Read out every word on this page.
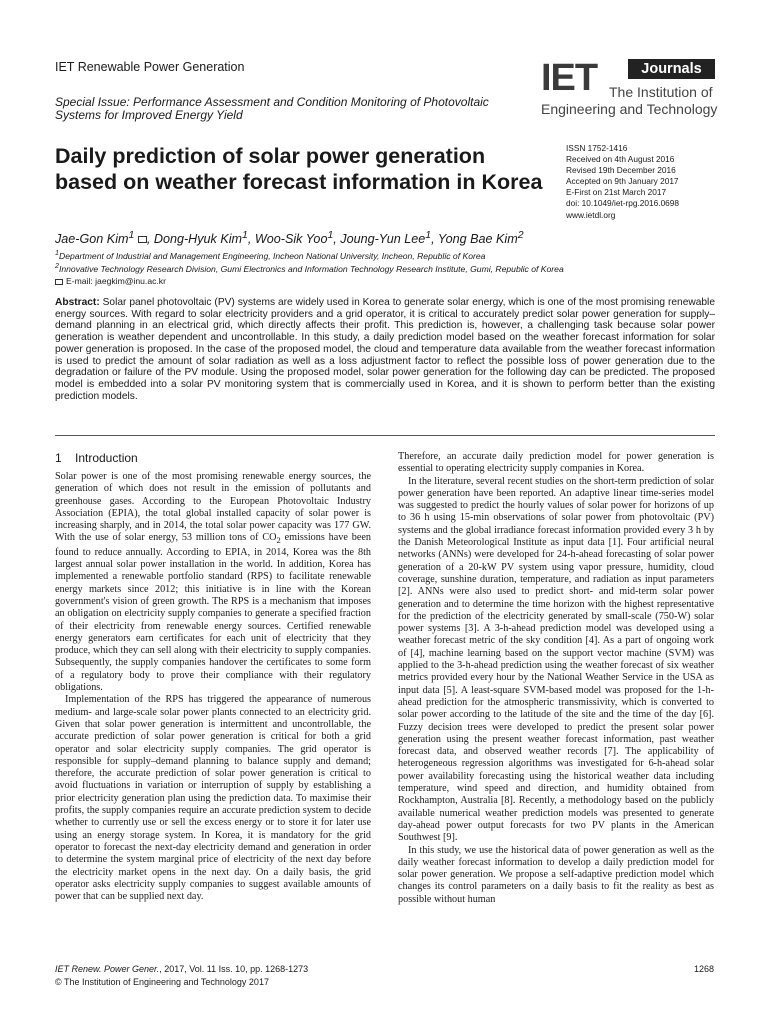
IET Renewable Power Generation
Special Issue: Performance Assessment and Condition Monitoring of Photovoltaic Systems for Improved Energy Yield
IET	Journals
The Institution of
Engineering and Technology
Daily prediction of solar power generation based on weather forecast information in Korea
ISSN 1752-1416
Received on 4th August 2016
Revised 19th December 2016
Accepted on 9th January 2017
E-First on 21st March 2017
doi: 10.1049/iet-rpg.2016.0698
www.ietdl.org
Jae-Gon Kim$^1$ , Dong-Hyuk Kim$^1$, Woo-Sik Yoo$^1$, Joung-Yun Lee$^1$, Yong Bae Kim$^2$
$^1$Department of Industrial and Management Engineering, Incheon National University, Incheon, Republic of Korea
$^2$Innovative Technology Research Division, Gumi Electronics and Information Technology Research Institute, Gumi, Republic of Korea
E-mail: jaegkim@inu.ac.kr
Abstract: Solar panel photovoltaic (PV) systems are widely used in Korea to generate solar energy, which is one of the most promising renewable energy sources. With regard to solar electricity providers and a grid operator, it is critical to accurately predict solar power generation for supply–demand planning in an electrical grid, which directly affects their profit. This prediction is, however, a challenging task because solar power generation is weather dependent and uncontrollable. In this study, a daily prediction model based on the weather forecast information for solar power generation is proposed. In the case of the proposed model, the cloud and temperature data available from the weather forecast information is used to predict the amount of solar radiation as well as a loss adjustment factor to reflect the possible loss of power generation due to the degradation or failure of the PV module. Using the proposed model, solar power generation for the following day can be predicted. The proposed model is embedded into a solar PV monitoring system that is commercially used in Korea, and it is shown to perform better than the existing prediction models.
1 Introduction

Solar power is one of the most promising renewable energy sources, the generation of which does not result in the emission of pollutants and greenhouse gases. According to the European Photovoltaic Industry Association (EPIA), the total global installed capacity of solar power is increasing sharply, and in 2014, the total solar power capacity was 177 GW. With the use of solar energy, 53 million tons of $CO_2$ emissions have been found to reduce annually. According to EPIA, in 2014, Korea was the 8th largest annual solar power installation in the world. In addition, Korea has implemented a renewable portfolio standard (RPS) to facilitate renewable energy markets since 2012; this initiative is in line with the Korean government's vision of green growth. The RPS is a mechanism that imposes an obligation on electricity supply companies to generate a specified fraction of their electricity from renewable energy sources. Certified renewable energy generators earn certificates for each unit of electricity that they produce, which they can sell along with their electricity to supply companies. Subsequently, the supply companies handover the certificates to some form of a regulatory body to prove their compliance with their regulatory obligations.

Implementation of the RPS has triggered the appearance of numerous medium- and large-scale solar power plants connected to an electricity grid. Given that solar power generation is intermittent and uncontrollable, the accurate prediction of solar power generation is critical for both a grid operator and solar electricity supply companies. The grid operator is responsible for supply–demand planning to balance supply and demand; therefore, the accurate prediction of solar power generation is critical to avoid fluctuations in variation or interruption of supply by establishing a prior electricity generation plan using the prediction data. To maximise their profits, the supply companies require an accurate prediction system to decide whether to currently use or sell the excess energy or to store it for later use using an energy storage system. In Korea, it is mandatory for the grid operator to forecast the next-day electricity demand and generation in order to determine the system marginal price of electricity of the next day before the electricity market opens in the next day. On a daily basis, the grid operator asks electricity supply companies to suggest available amounts of power that can be supplied next day.

Therefore, an accurate daily prediction model for power generation is essential to operating electricity supply companies in Korea.

In the literature, several recent studies on the short-term prediction of solar power generation have been reported. An adaptive linear time-series model was suggested to predict the hourly values of solar power for horizons of up to 36 h using 15-min observations of solar power from photovoltaic (PV) systems and the global irradiance forecast information provided every 3 h by the Danish Meteorological Institute as input data [1]. Four artificial neural networks (ANNs) were developed for 24-h-ahead forecasting of solar power generation of a 20-kW PV system using vapor pressure, humidity, cloud coverage, sunshine duration, temperature, and radiation as input parameters [2]. ANNs were also used to predict short- and mid-term solar power generation and to determine the time horizon with the highest representative for the prediction of the electricity generated by small-scale (750-W) solar power systems [3]. A 3-h-ahead prediction model was developed using a weather forecast metric of the sky condition [4]. As a part of ongoing work of [4], machine learning based on the support vector machine (SVM) was applied to the 3-h-ahead prediction using the weather forecast of six weather metrics provided every hour by the National Weather Service in the USA as input data [5]. A least-square SVM-based model was proposed for the 1-h-ahead prediction for the atmospheric transmissivity, which is converted to solar power according to the latitude of the site and the time of the day [6]. Fuzzy decision trees were developed to predict the present solar power generation using the present weather forecast information, past weather forecast data, and observed weather records [7]. The applicability of heterogeneous regression algorithms was investigated for 6-h-ahead solar power availability forecasting using the historical weather data including temperature, wind speed and direction, and humidity obtained from Rockhampton, Australia [8]. Recently, a methodology based on the publicly available numerical weather prediction models was presented to generate day-ahead power output forecasts for two PV plants in the American Southwest [9].

In this study, we use the historical data of power generation as well as the daily weather forecast information to develop a daily prediction model for solar power generation. We propose a self-adaptive prediction model which changes its control parameters on a daily basis to fit the reality as best as possible without human

IET Renew. Power Gener., 2017, Vol. 11 Iss. 10, pp. 1268-1273
© The Institution of Engineering and Technology 2017
1268
